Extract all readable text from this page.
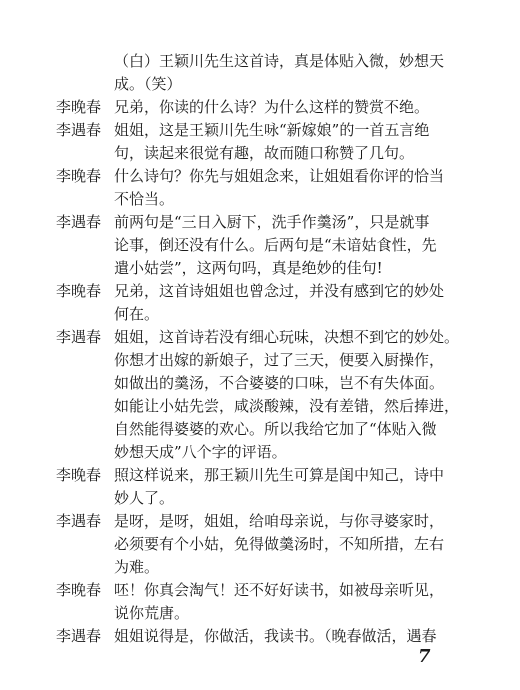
（白）王颖川先生这首诗，真是体贴入微，妙想天
成。（笑）
李晚春 兄弟，你读的什么诗？为什么这样的赞赏不绝。
李遇春 姐姐，这是王颖川先生咏“新嫁娘”的一首五言绝
句，读起来很觉有趣，故而随口称赞了几句。
李晚春 什么诗句？你先与姐姐念来，让姐姐看你评的恰当
不恰当。
李遇春 前两句是“三日入厨下，洗手作羹汤”，只是就事
论事，倒还没有什么。后两句是“未谙姑食性，先
遣小姑尝”，这两句吗，真是绝妙的佳句!
李晚春 兄弟，这首诗姐姐也曾念过，并没有感到它的妙处
何在。
李遇春 姐姐，这首诗若没有细心玩味，决想不到它的妙处。
你想才出嫁的新娘子，过了三天，便要入厨操作，
如做出的羹汤，不合婆婆的口味，岂不有失体面。
如能让小姑先尝，咸淡酸辣，没有差错，然后捧进，
自然能得婆婆的欢心。所以我给它加了“体贴入微
妙想天成”八个字的评语。
李晚春 照这样说来，那王颖川先生可算是闺中知己，诗中
妙人了。
李遇春 是呀，是呀，姐姐，给咱母亲说，与你寻婆家时，
必须要有个小姑，免得做羹汤时，不知所措，左右
为难。
李晚春 呸！你真会淘气！还不好好读书，如被母亲听见，
说你荒唐。
李遇春 姐姐说得是，你做活，我读书。（晚春做活，遇春
7
